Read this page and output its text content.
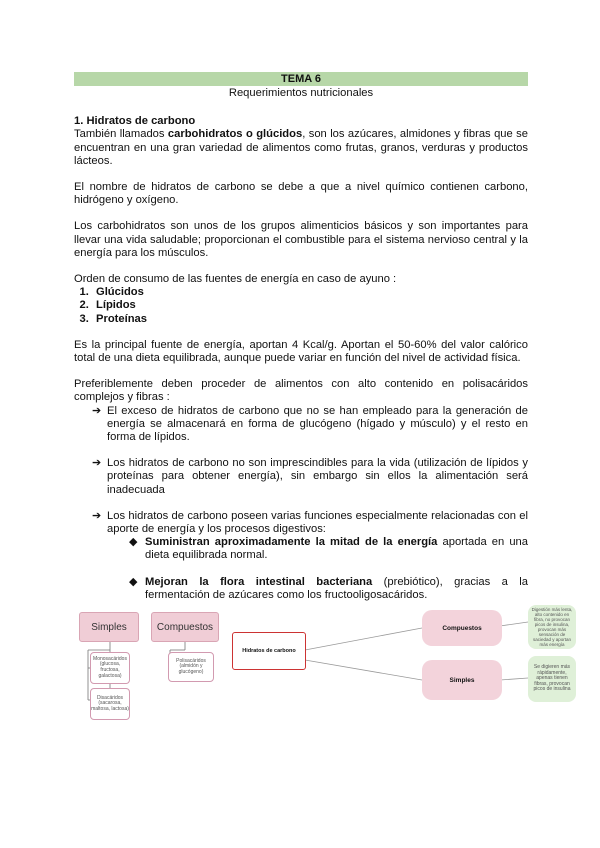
TEMA 6
Requerimientos nutricionales
1. Hidratos de carbono

También llamados carbohidratos o glúcidos, son los azúcares, almidones y fibras que se encuentran en una gran variedad de alimentos como frutas, granos, verduras y productos lácteos.

El nombre de hidratos de carbono se debe a que a nivel químico contienen carbono, hidrógeno y oxígeno.

Los carbohidratos son unos de los grupos alimenticios básicos y son importantes para llevar una vida saludable; proporcionan el combustible para el sistema nervioso central y la energía para los músculos.

Orden de consumo de las fuentes de energía en caso de ayuno :

1. Glúcidos
2. Lípidos
3. Proteínas

Es la principal fuente de energía, aportan 4 Kcal/g. Aportan el 50-60% del valor calórico total de una dieta equilibrada, aunque puede variar en función del nivel de actividad física.

Preferiblemente deben proceder de alimentos con alto contenido en polisacáridos complejos y fibras :

➔ El exceso de hidratos de carbono que no se han empleado para la generación de energía se almacenará en forma de glucógeno (hígado y músculo) y el resto en forma de lípidos.
➔ Los hidratos de carbono no son imprescindibles para la vida (utilización de lípidos y proteínas para obtener energía), sin embargo sin ellos la alimentación será inadecuada
➔ Los hidratos de carbono poseen varias funciones especialmente relacionadas con el aporte de energía y los procesos digestivos:
◆ Suministran aproximadamente la mitad de la energía aportada en una dieta equilibrada normal.
◆ Mejoran la flora intestinal bacteriana (prebiótico), gracias a la fermentación de azúcares como los fructooligosacáridos.
Simples	Compuestos
Monosacáridos (glucosa, fructosa, galactosa)
Disacáridos (sacarosa, maltosa, lactosa)
Polisacáridos (almidón y glucógeno)
Hidratos de carbono
Compuestos
Simples
Digestión más lenta, alto contenido en fibra, no provocan picos de insulina, provocan más sensación de saciedad y aportan más energía
Se digieren más rápidamente, apenas tienen fibras, provocan picos de insulina
